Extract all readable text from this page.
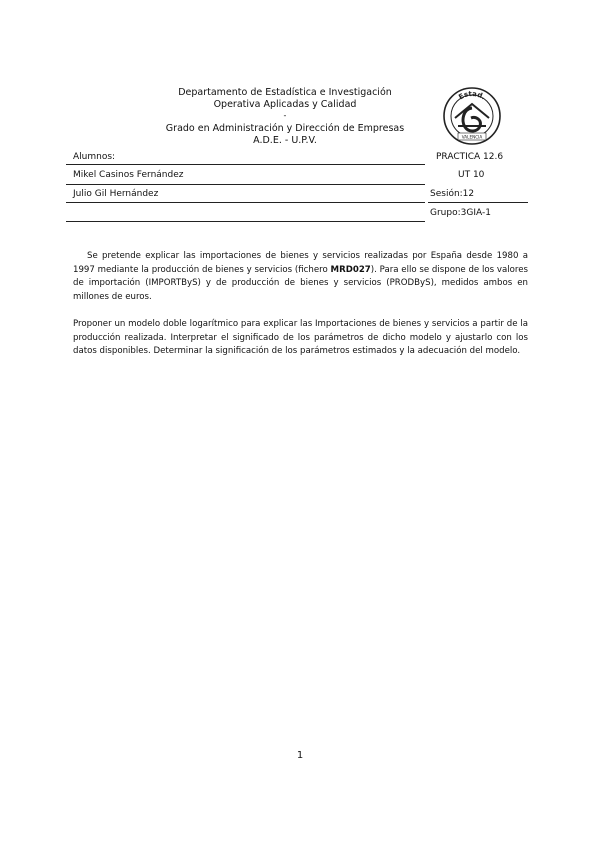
Departamento de Estadística e Investigación
Operativa Aplicadas y Calidad
-
Grado en Administración y Dirección de Empresas
A.D.E. - U.P.V.
Estad.
VALENCIA
Alumnos:
Mikel Casinos Fernández
Julio Gil Hernández
PRACTICA 12.6
UT 10
Sesión:12
Grupo:3GIA-1
Se pretende explicar las importaciones de bienes y servicios realizadas por España desde 1980 a 1997 mediante la producción de bienes y servicios (fichero MRD027). Para ello se dispone de los valores de importación (IMPORTByS) y de producción de bienes y servicios (PRODByS), medidos ambos en millones de euros.
Proponer un modelo doble logarítmico para explicar las Importaciones de bienes y servicios a partir de la producción realizada. Interpretar el significado de los parámetros de dicho modelo y ajustarlo con los datos disponibles. Determinar la significación de los parámetros estimados y la adecuación del modelo.
1
